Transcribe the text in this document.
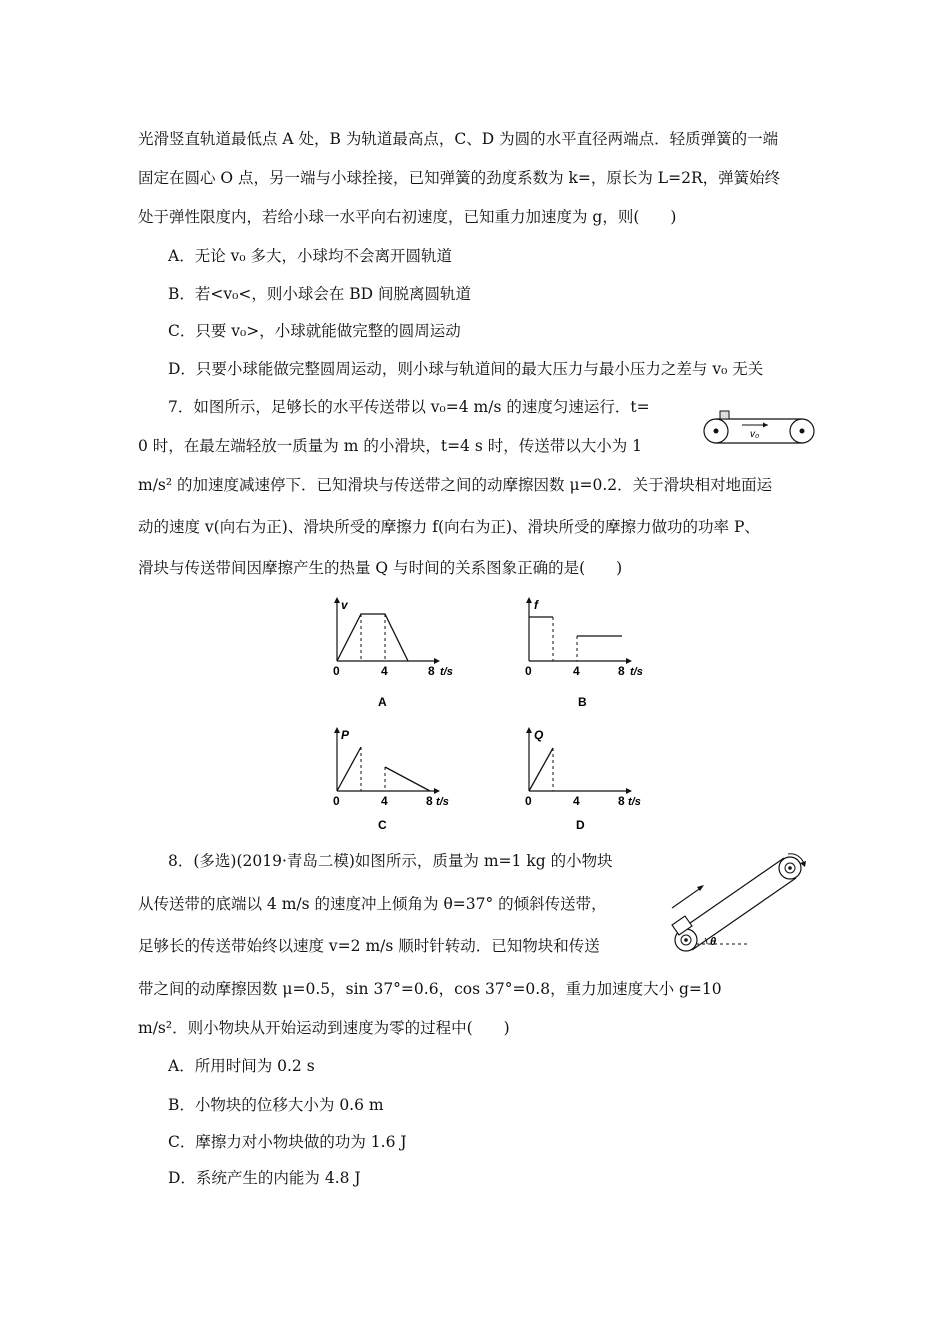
光滑竖直轨道最低点 A 处，B 为轨道最高点，C、D 为圆的水平直径两端点．轻质弹簧的一端
固定在圆心 O 点，另一端与小球拴接，已知弹簧的劲度系数为 k=，原长为 L=2R，弹簧始终
处于弹性限度内，若给小球一水平向右初速度，已知重力加速度为 g，则(　　)
A．无论 v₀ 多大，小球均不会离开圆轨道
B．若<v₀<，则小球会在 BD 间脱离圆轨道
C．只要 v₀>，小球就能做完整的圆周运动
D．只要小球能做完整圆周运动，则小球与轨道间的最大压力与最小压力之差与 v₀ 无关
7．如图所示，足够长的水平传送带以 v₀=4 m/s 的速度匀速运行．t=
0 时，在最左端轻放一质量为 m 的小滑块，t=4 s 时，传送带以大小为 1
m/s² 的加速度减速停下．已知滑块与传送带之间的动摩擦因数 μ=0.2．关于滑块相对地面运
动的速度 v(向右为正)、滑块所受的摩擦力 f(向右为正)、滑块所受的摩擦力做功的功率 P、
滑块与传送带间因摩擦产生的热量 Q 与时间的关系图象正确的是(　　)
v₀
v
0	4	8 t/s
A
f
0	4	8 t/s
B
P
0	4	8 t/s
C
Q
0	4	8 t/s
D
8．(多选)(2019·青岛二模)如图所示，质量为 m=1 kg 的小物块
从传送带的底端以 4 m/s 的速度冲上倾角为 θ=37° 的倾斜传送带，
足够长的传送带始终以速度 v=2 m/s 顺时针转动．已知物块和传送
带之间的动摩擦因数 μ=0.5，sin 37°=0.6，cos 37°=0.8，重力加速度大小 g=10
m/s²．则小物块从开始运动到速度为零的过程中(　　)
A．所用时间为 0.2 s
B．小物块的位移大小为 0.6 m
C．摩擦力对小物块做的功为 1.6 J
D．系统产生的内能为 4.8 J
θ
